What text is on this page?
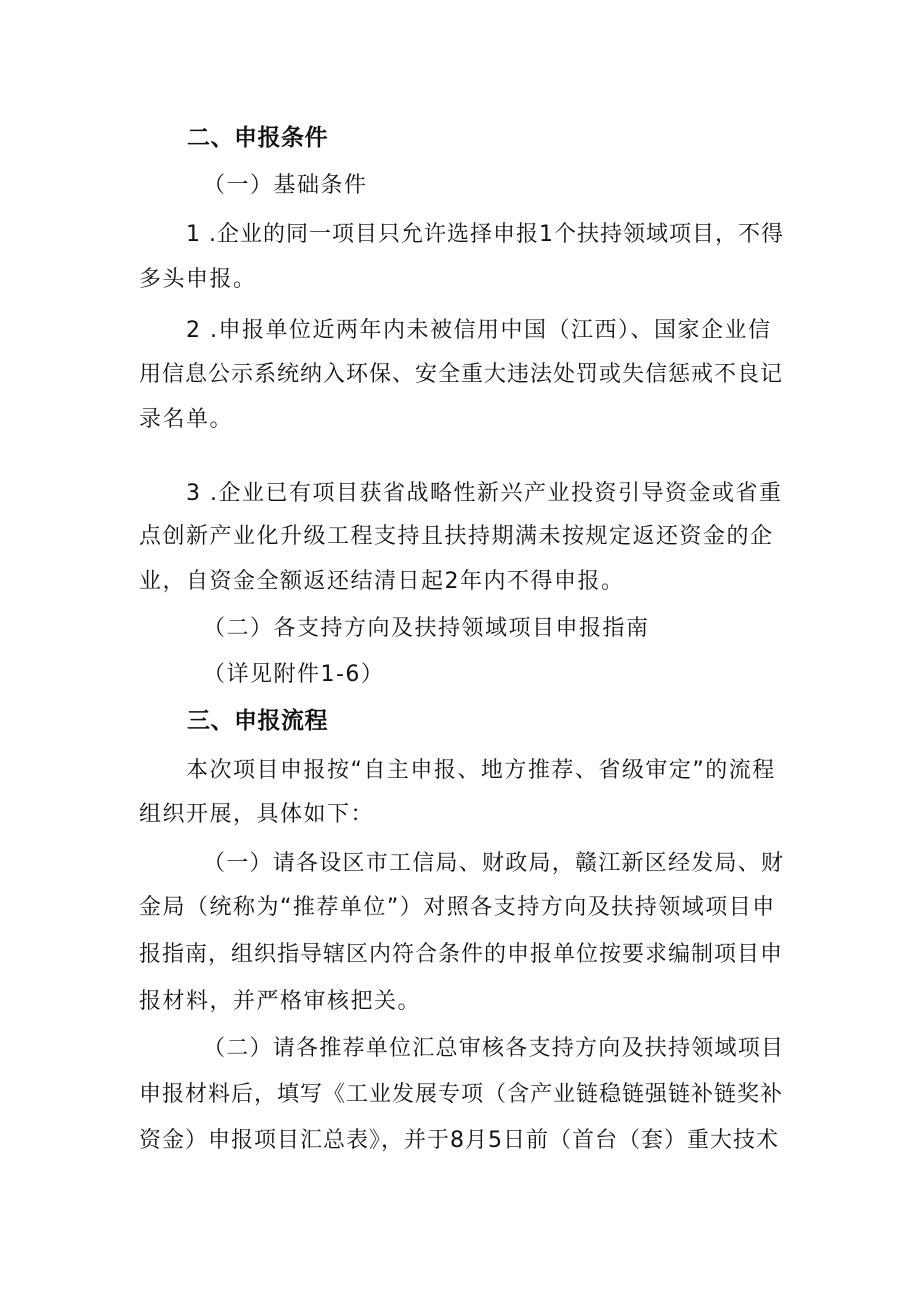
二、申报条件

（一）基础条件

1 .企业的同一项目只允许选择申报1个扶持领域项目，不得

多头申报。

2 .申报单位近两年内未被信用中国（江西）、国家企业信

用信息公示系统纳入环保、安全重大违法处罚或失信惩戒不良记

录名单。

3 .企业已有项目获省战略性新兴产业投资引导资金或省重

点创新产业化升级工程支持且扶持期满未按规定返还资金的企

业，自资金全额返还结清日起2年内不得申报。

（二）各支持方向及扶持领域项目申报指南

（详见附件1-6）

三、申报流程

本次项目申报按“自主申报、地方推荐、省级审定”的流程

组织开展，具体如下：

（一）请各设区市工信局、财政局，赣江新区经发局、财

金局（统称为“推荐单位”）对照各支持方向及扶持领域项目申

报指南，组织指导辖区内符合条件的申报单位按要求编制项目申

报材料，并严格审核把关。

（二）请各推荐单位汇总审核各支持方向及扶持领域项目

申报材料后，填写《工业发展专项（含产业链稳链强链补链奖补

资金）申报项目汇总表》，并于8月5日前（首台（套）重大技术
